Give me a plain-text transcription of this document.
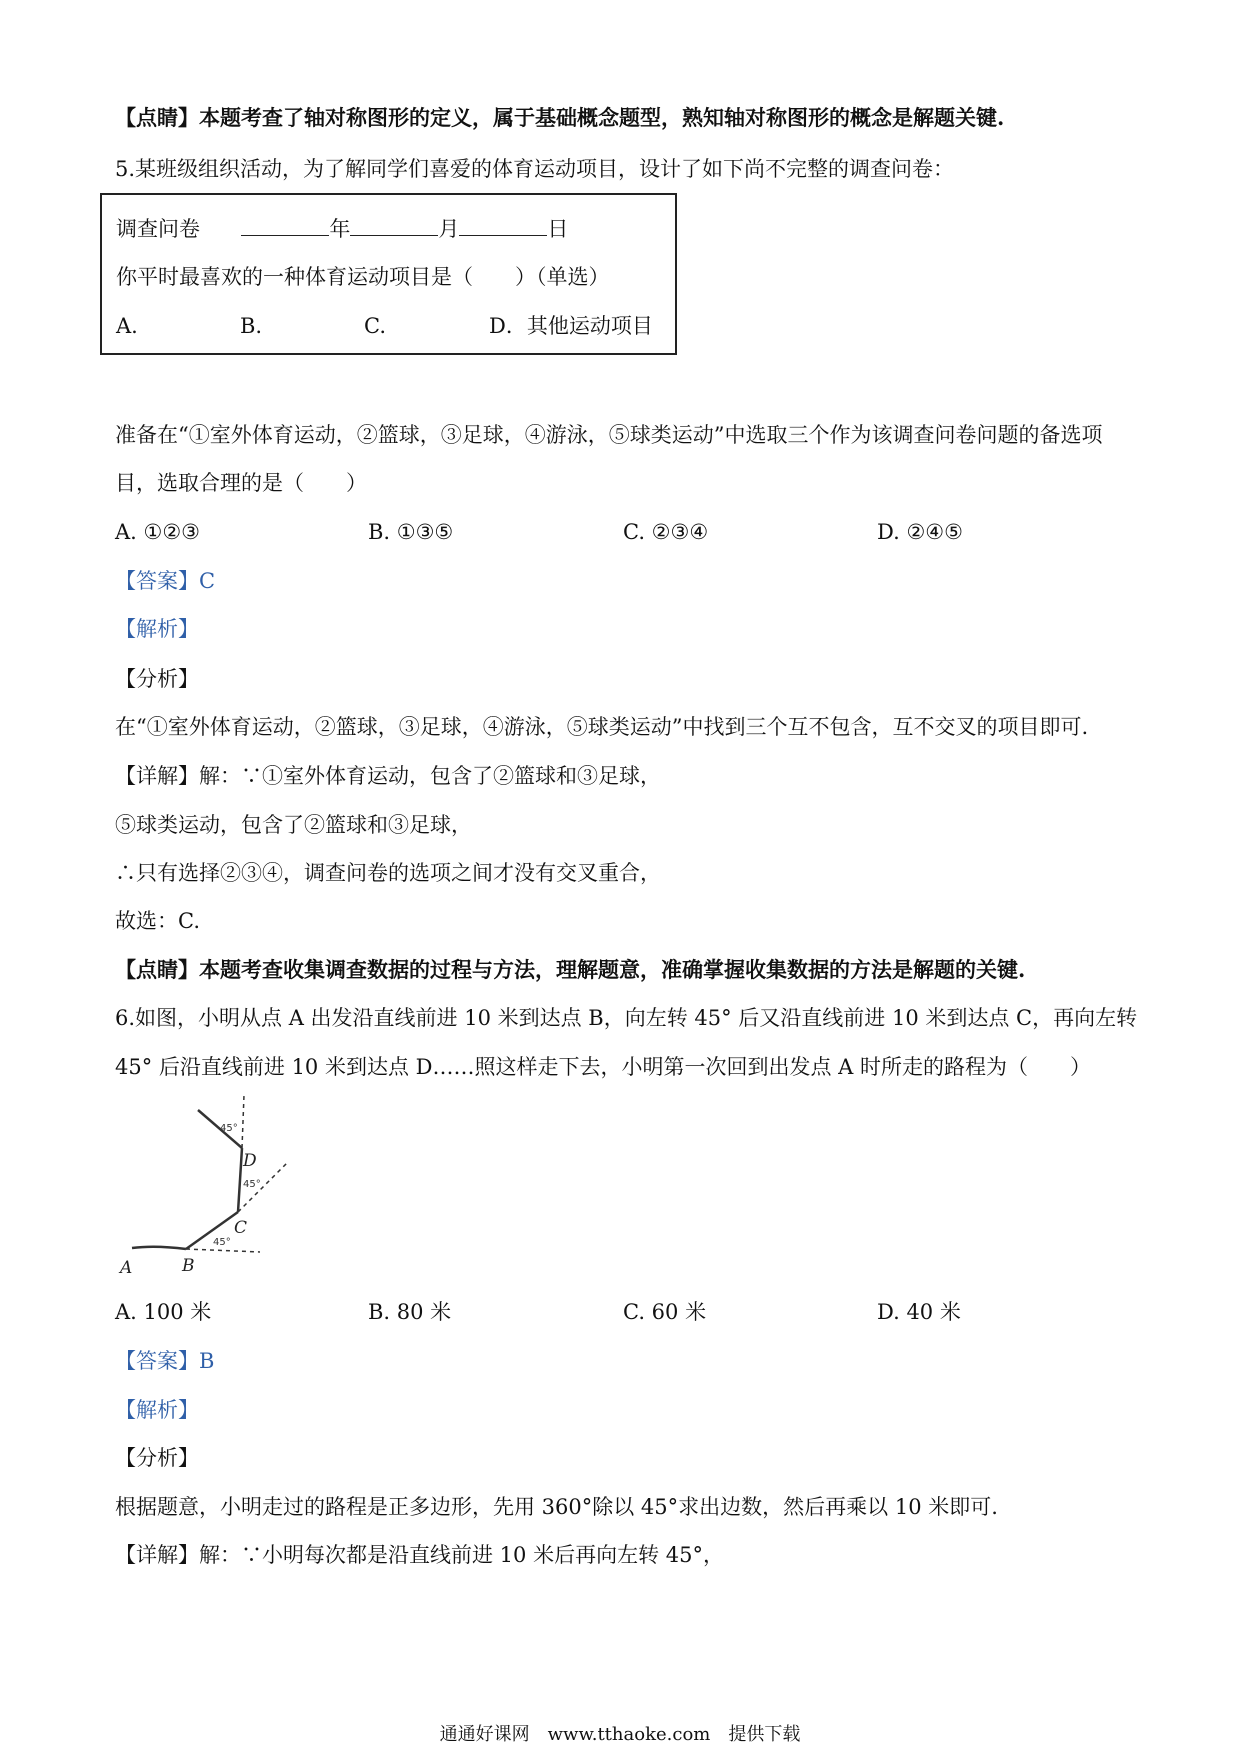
【点睛】本题考查了轴对称图形的定义，属于基础概念题型，熟知轴对称图形的概念是解题关键.
5.某班级组织活动，为了解同学们喜爱的体育运动项目，设计了如下尚不完整的调查问卷：
调查问卷	年	月	日
你平时最喜欢的一种体育运动项目是（　　）（单选）
A.	B.	C.	D．其他运动项目
准备在“①室外体育运动，②篮球，③足球，④游泳，⑤球类运动”中选取三个作为该调查问卷问题的备选项
目，选取合理的是（　　）
A. ①②③	B. ①③⑤	C. ②③④	D. ②④⑤
【答案】C
【解析】
【分析】
在“①室外体育运动，②篮球，③足球，④游泳，⑤球类运动”中找到三个互不包含，互不交叉的项目即可.
【详解】解：∵①室外体育运动，包含了②篮球和③足球，
⑤球类运动，包含了②篮球和③足球，
∴只有选择②③④，调查问卷的选项之间才没有交叉重合，
故选：C.
【点睛】本题考查收集调查数据的过程与方法，理解题意，准确掌握收集数据的方法是解题的关键.
6.如图，小明从点 A 出发沿直线前进 10 米到达点 B，向左转 45° 后又沿直线前进 10 米到达点 C，再向左转
45° 后沿直线前进 10 米到达点 D……照这样走下去，小明第一次回到出发点 A 时所走的路程为（　　）
A	B
C
D
45°
45°
45°
A. 100 米	B. 80 米	C. 60 米	D. 40 米
【答案】B
【解析】
【分析】
根据题意，小明走过的路程是正多边形，先用 360°除以 45°求出边数，然后再乘以 10 米即可.
【详解】解：∵小明每次都是沿直线前进 10 米后再向左转 45°，
通通好课网　www.tthaoke.com　提供下载
